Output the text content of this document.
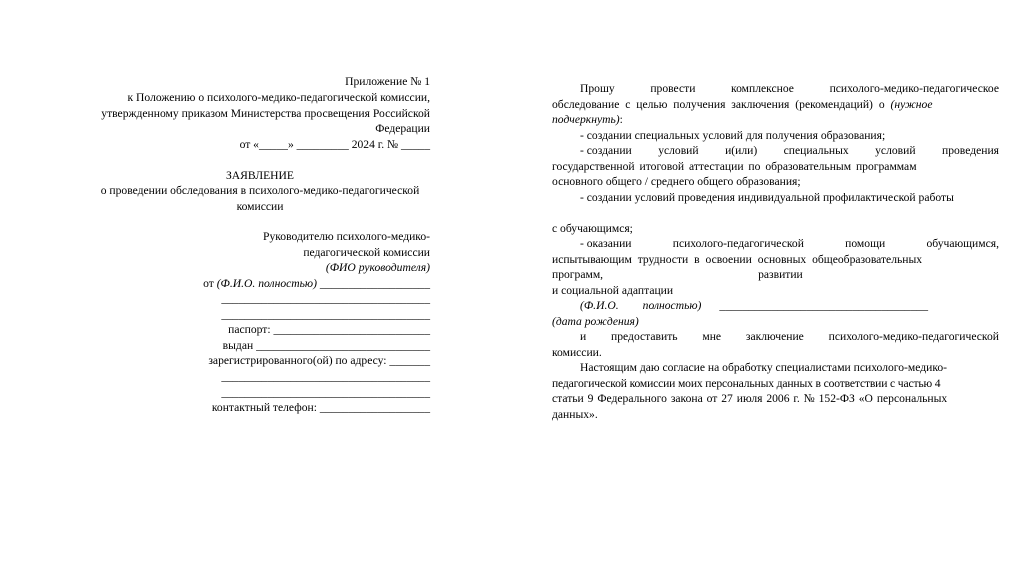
Приложение № 1
к Положению о психолого-медико-педагогической комиссии,
утвержденному приказом Министерства просвещения Российской
Федерации
от «_____» _________ 2024 г. № _____
ЗАЯВЛЕНИЕ
о проведении обследования в психолого-медико-педагогической
комиссии
Руководителю психолого-медико-
педагогической комиссии
(ФИО руководителя)
от (Ф.И.О. полностью) ___________________
____________________________________
____________________________________
паспорт: ___________________________
выдан ______________________________
зарегистрированного(ой) по адресу: _______
____________________________________
____________________________________
контактный телефон: ___________________
Прошу	провести	комплексное	психолого-медико-педагогическое
обследование с целью получения заключения (рекомендаций) о (нужное
подчеркнуть):
- создании специальных условий для получения образования;
- создании условий и(или) специальных условий проведения
государственной итоговой аттестации по образовательным программам
основного общего / среднего общего образования;
- создании условий проведения индивидуальной профилактической работы
с обучающимся;
- оказании	психолого-педагогической	помощи	обучающимся,
испытывающим трудности в освоении основных общеобразовательных
программ,	развитии
и социальной адаптации
(Ф.И.О. полностью) ____________________________________
(дата рождения)
и предоставить мне заключение психолого-медико-педагогической
комиссии.
Настоящим даю согласие на обработку специалистами психолого-медико-
педагогической комиссии моих персональных данных в соответствии с частью 4
статьи 9 Федерального закона от 27 июля 2006 г. № 152-ФЗ «О персональных
данных».
